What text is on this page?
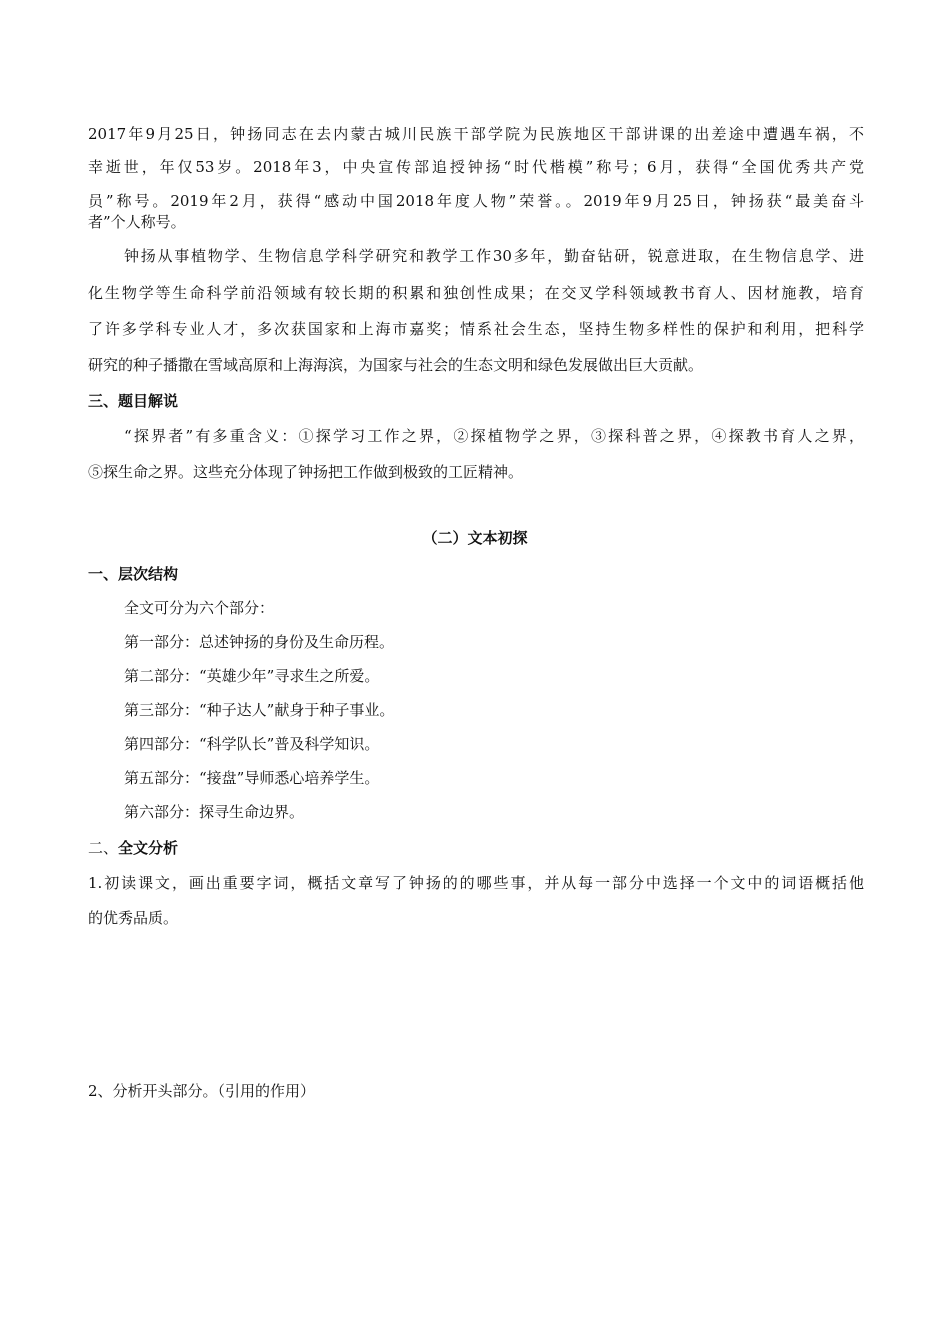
2017年9月25日，钟扬同志在去内蒙古城川民族干部学院为民族地区干部讲课的出差途中遭遇车祸，不
幸逝世，年仅53岁。2018年3，中央宣传部追授钟扬“时代楷模”称号；6月，获得“全国优秀共产党
员”称号。2019年2月，获得“感动中国2018年度人物”荣誉。。2019年9月25日，钟扬获“最美奋斗
者”个人称号。
钟扬从事植物学、生物信息学科学研究和教学工作30多年，勤奋钻研，锐意进取，在生物信息学、进
化生物学等生命科学前沿领域有较长期的积累和独创性成果；在交叉学科领域教书育人、因材施教，培育
了许多学科专业人才，多次获国家和上海市嘉奖；情系社会生态，坚持生物多样性的保护和利用，把科学
研究的种子播撒在雪域高原和上海海滨，为国家与社会的生态文明和绿色发展做出巨大贡献。
三、题目解说
“探界者”有多重含义：①探学习工作之界，②探植物学之界，③探科普之界，④探教书育人之界，
⑤探生命之界。这些充分体现了钟扬把工作做到极致的工匠精神。
（二）文本初探
一、层次结构
全文可分为六个部分：
第一部分：总述钟扬的身份及生命历程。
第二部分：“英雄少年”寻求生之所爱。
第三部分：“种子达人”献身于种子事业。
第四部分：“科学队长”普及科学知识。
第五部分：“接盘”导师悉心培养学生。
第六部分：探寻生命边界。
二、全文分析
1.初读课文，画出重要字词，概括文章写了钟扬的的哪些事，并从每一部分中选择一个文中的词语概括他
的优秀品质。
2、分析开头部分。（引用的作用）
